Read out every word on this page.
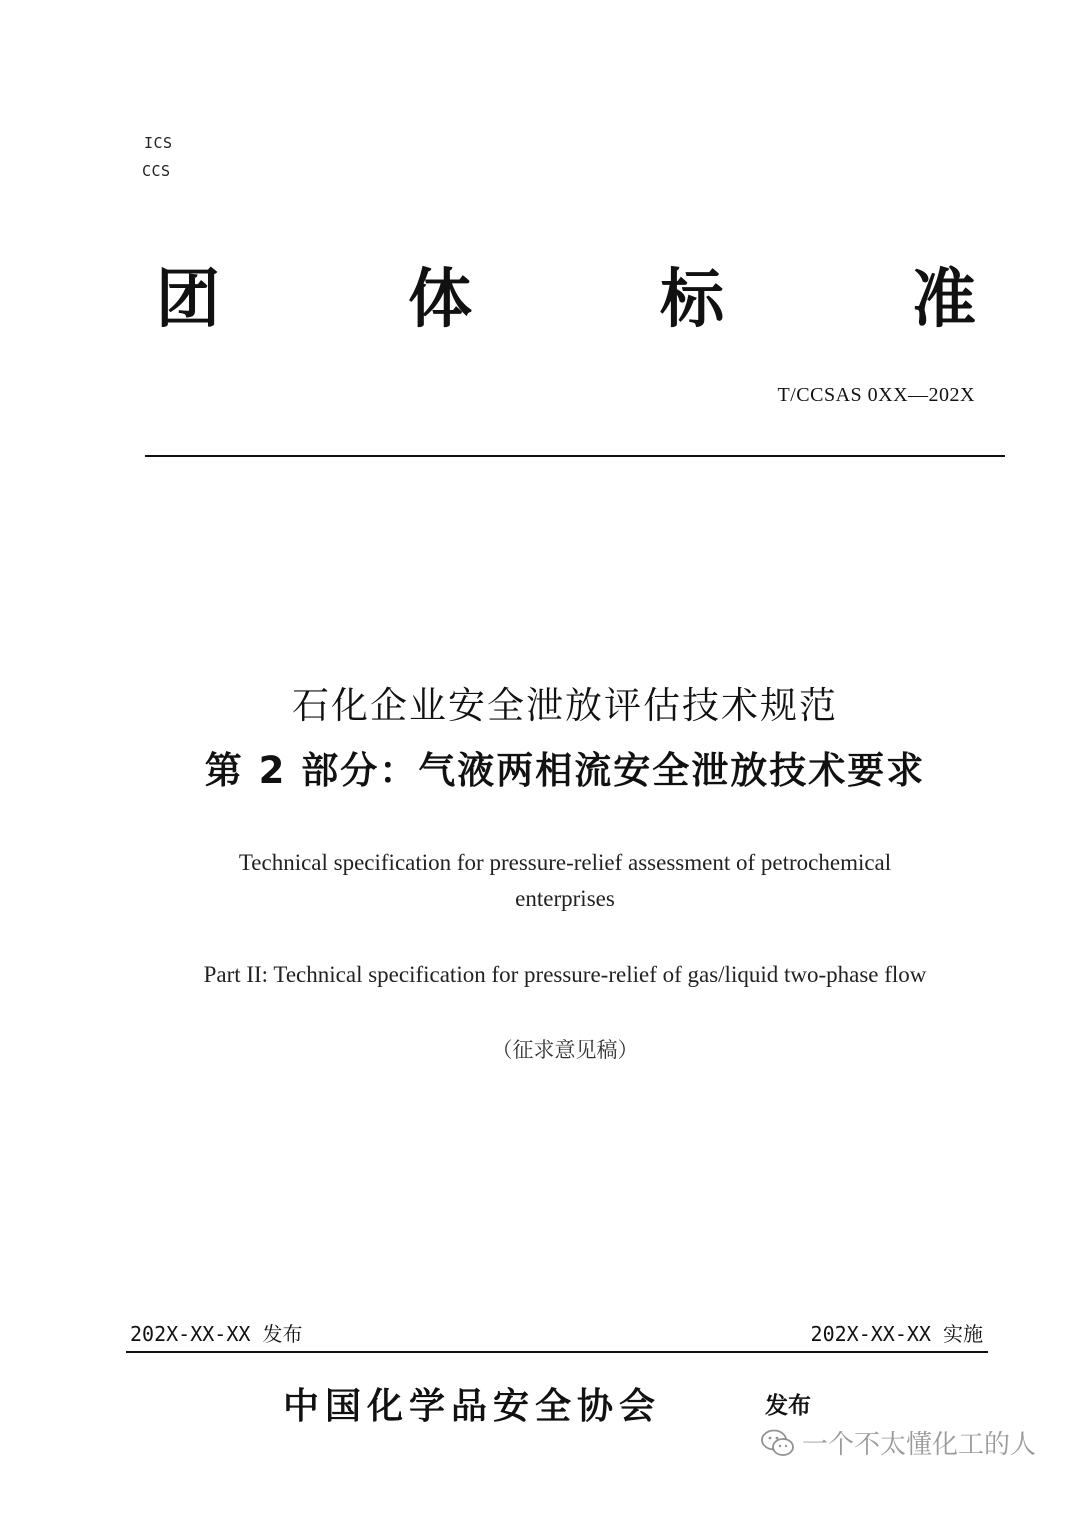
ICS
CCS
团	体	标	准
T/CCSAS 0XX—202X
石化企业安全泄放评估技术规范
第 2 部分：气液两相流安全泄放技术要求
Technical specification for pressure-relief assessment of petrochemical
enterprises
Part II: Technical specification for pressure-relief of gas/liquid two-phase flow
（征求意见稿）
202X-XX-XX 发布	202X-XX-XX 实施
中国化学品安全协会	发布
一个不太懂化工的人
